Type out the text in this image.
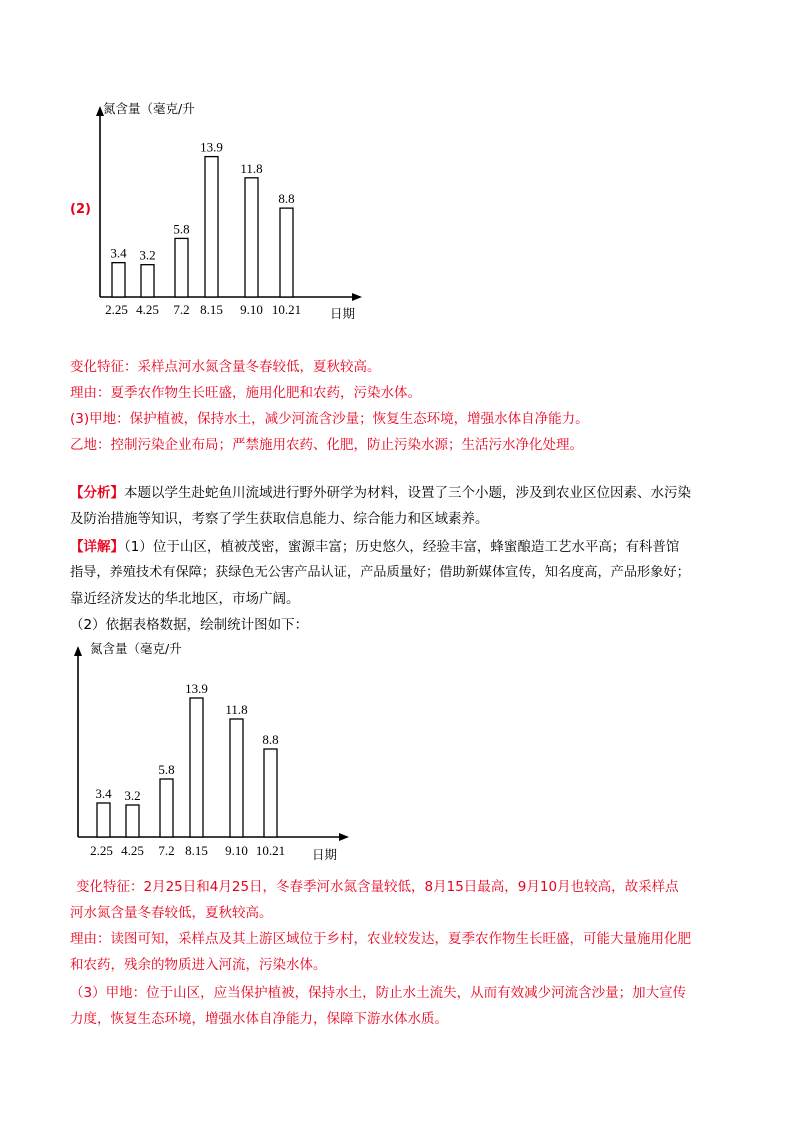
(2)
氮含量（毫克/升
日期
3.4
2.25
3.2
4.25
5.8
7.2
13.9
8.15
11.8
9.10
8.8
10.21
变化特征：采样点河水氮含量冬春较低，夏秋较高。
理由：夏季农作物生长旺盛，施用化肥和农药，污染水体。
(3)甲地：保护植被，保持水土，减少河流含沙量；恢复生态环境，增强水体自净能力。
乙地：控制污染企业布局；严禁施用农药、化肥，防止污染水源；生活污水净化处理。
【分析】本题以学生赴蛇鱼川流域进行野外研学为材料，设置了三个小题，涉及到农业区位因素、水污染
及防治措施等知识，考察了学生获取信息能力、综合能力和区域素养。
【详解】（1）位于山区，植被茂密，蜜源丰富；历史悠久，经验丰富，蜂蜜酿造工艺水平高；有科普馆
指导，养殖技术有保障；获绿色无公害产品认证，产品质量好；借助新媒体宣传，知名度高，产品形象好；
靠近经济发达的华北地区，市场广阔。
（2）依据表格数据，绘制统计图如下：
氮含量（毫克/升
日期
3.4
2.25
3.2
4.25
5.8
7.2
13.9
8.15
11.8
9.10
8.8
10.21
变化特征：2月25日和4月25日，冬春季河水氮含量较低，8月15日最高，9月10月也较高，故采样点
河水氮含量冬春较低，夏秋较高。
理由：读图可知，采样点及其上游区域位于乡村，农业较发达，夏季农作物生长旺盛，可能大量施用化肥
和农药，残余的物质进入河流，污染水体。
（3）甲地：位于山区，应当保护植被，保持水土，防止水土流失，从而有效减少河流含沙量；加大宣传
力度，恢复生态环境，增强水体自净能力，保障下游水体水质。
